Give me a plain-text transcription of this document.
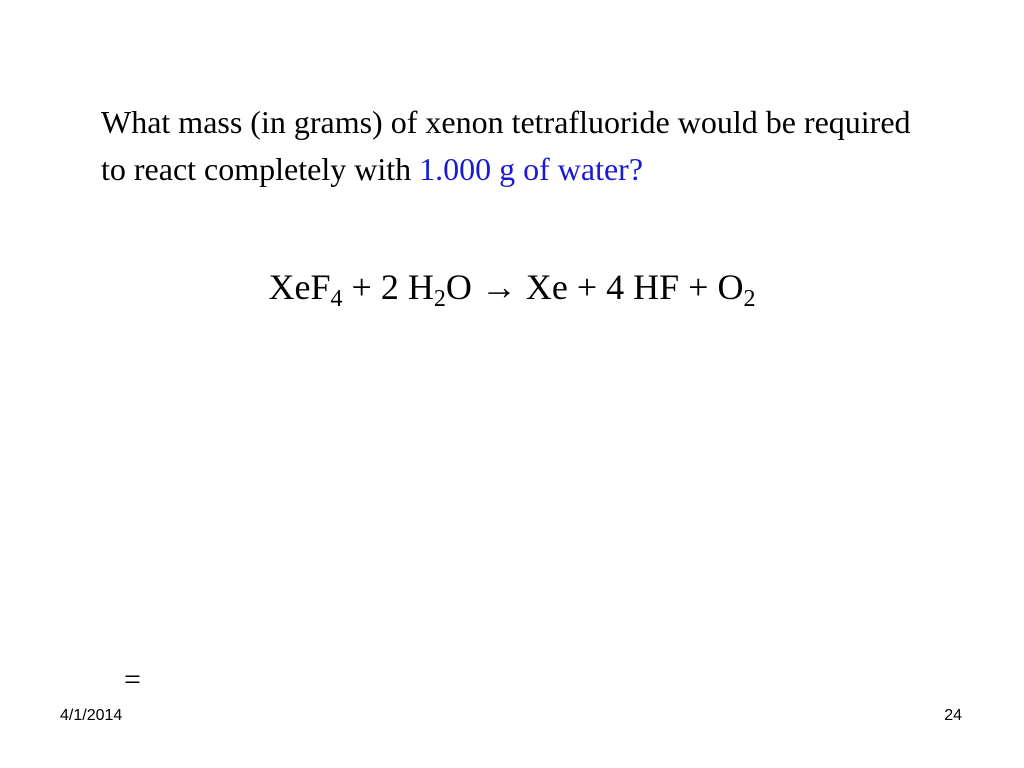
What mass (in grams) of xenon tetrafluoride would be required to react completely with 1.000 g of water?

XeF$_4$ + 2 $H_2O \to Xe + 4$ HF + $O_2$
=
4/1/2014	24
